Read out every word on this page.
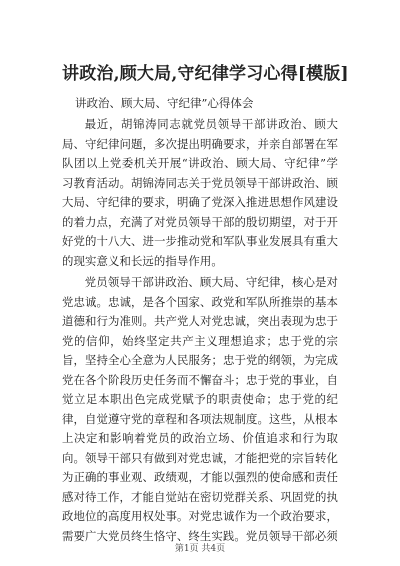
讲政治,顾大局,守纪律学习心得[模版]

讲政治、顾大局、守纪律”心得体会

最近，胡锦涛同志就党员领导干部讲政治、顾大局、守纪律问题，多次提出明确要求，并亲自部署在军队团以上党委机关开展“讲政治、顾大局、守纪律”学习教育活动。胡锦涛同志关于党员领导干部讲政治、顾大局、守纪律的要求，明确了党深入推进思想作风建设的着力点，充满了对党员领导干部的殷切期望，对于开好党的十八大、进一步推动党和军队事业发展具有重大的现实意义和长远的指导作用。

党员领导干部讲政治、顾大局、守纪律，核心是对党忠诚。忠诚，是各个国家、政党和军队所推崇的基本道德和行为准则。共产党人对党忠诚，突出表现为忠于党的信仰，始终坚定共产主义理想追求；忠于党的宗旨，坚持全心全意为人民服务；忠于党的纲领，为完成党在各个阶段历史任务而不懈奋斗；忠于党的事业，自觉立足本职出色完成党赋予的职责使命；忠于党的纪律，自觉遵守党的章程和各项法规制度。这些，从根本上决定和影响着党员的政治立场、价值追求和行为取向。领导干部只有做到对党忠诚，才能把党的宗旨转化为正确的事业观、政绩观，才能以强烈的使命感和责任感对待工作，才能自觉站在密切党群关系、巩固党的执政地位的高度用权处事。对党忠诚作为一个政治要求，需要广大党员终生恪守、终生实践。党员领导干部必须

第1页 共4页
